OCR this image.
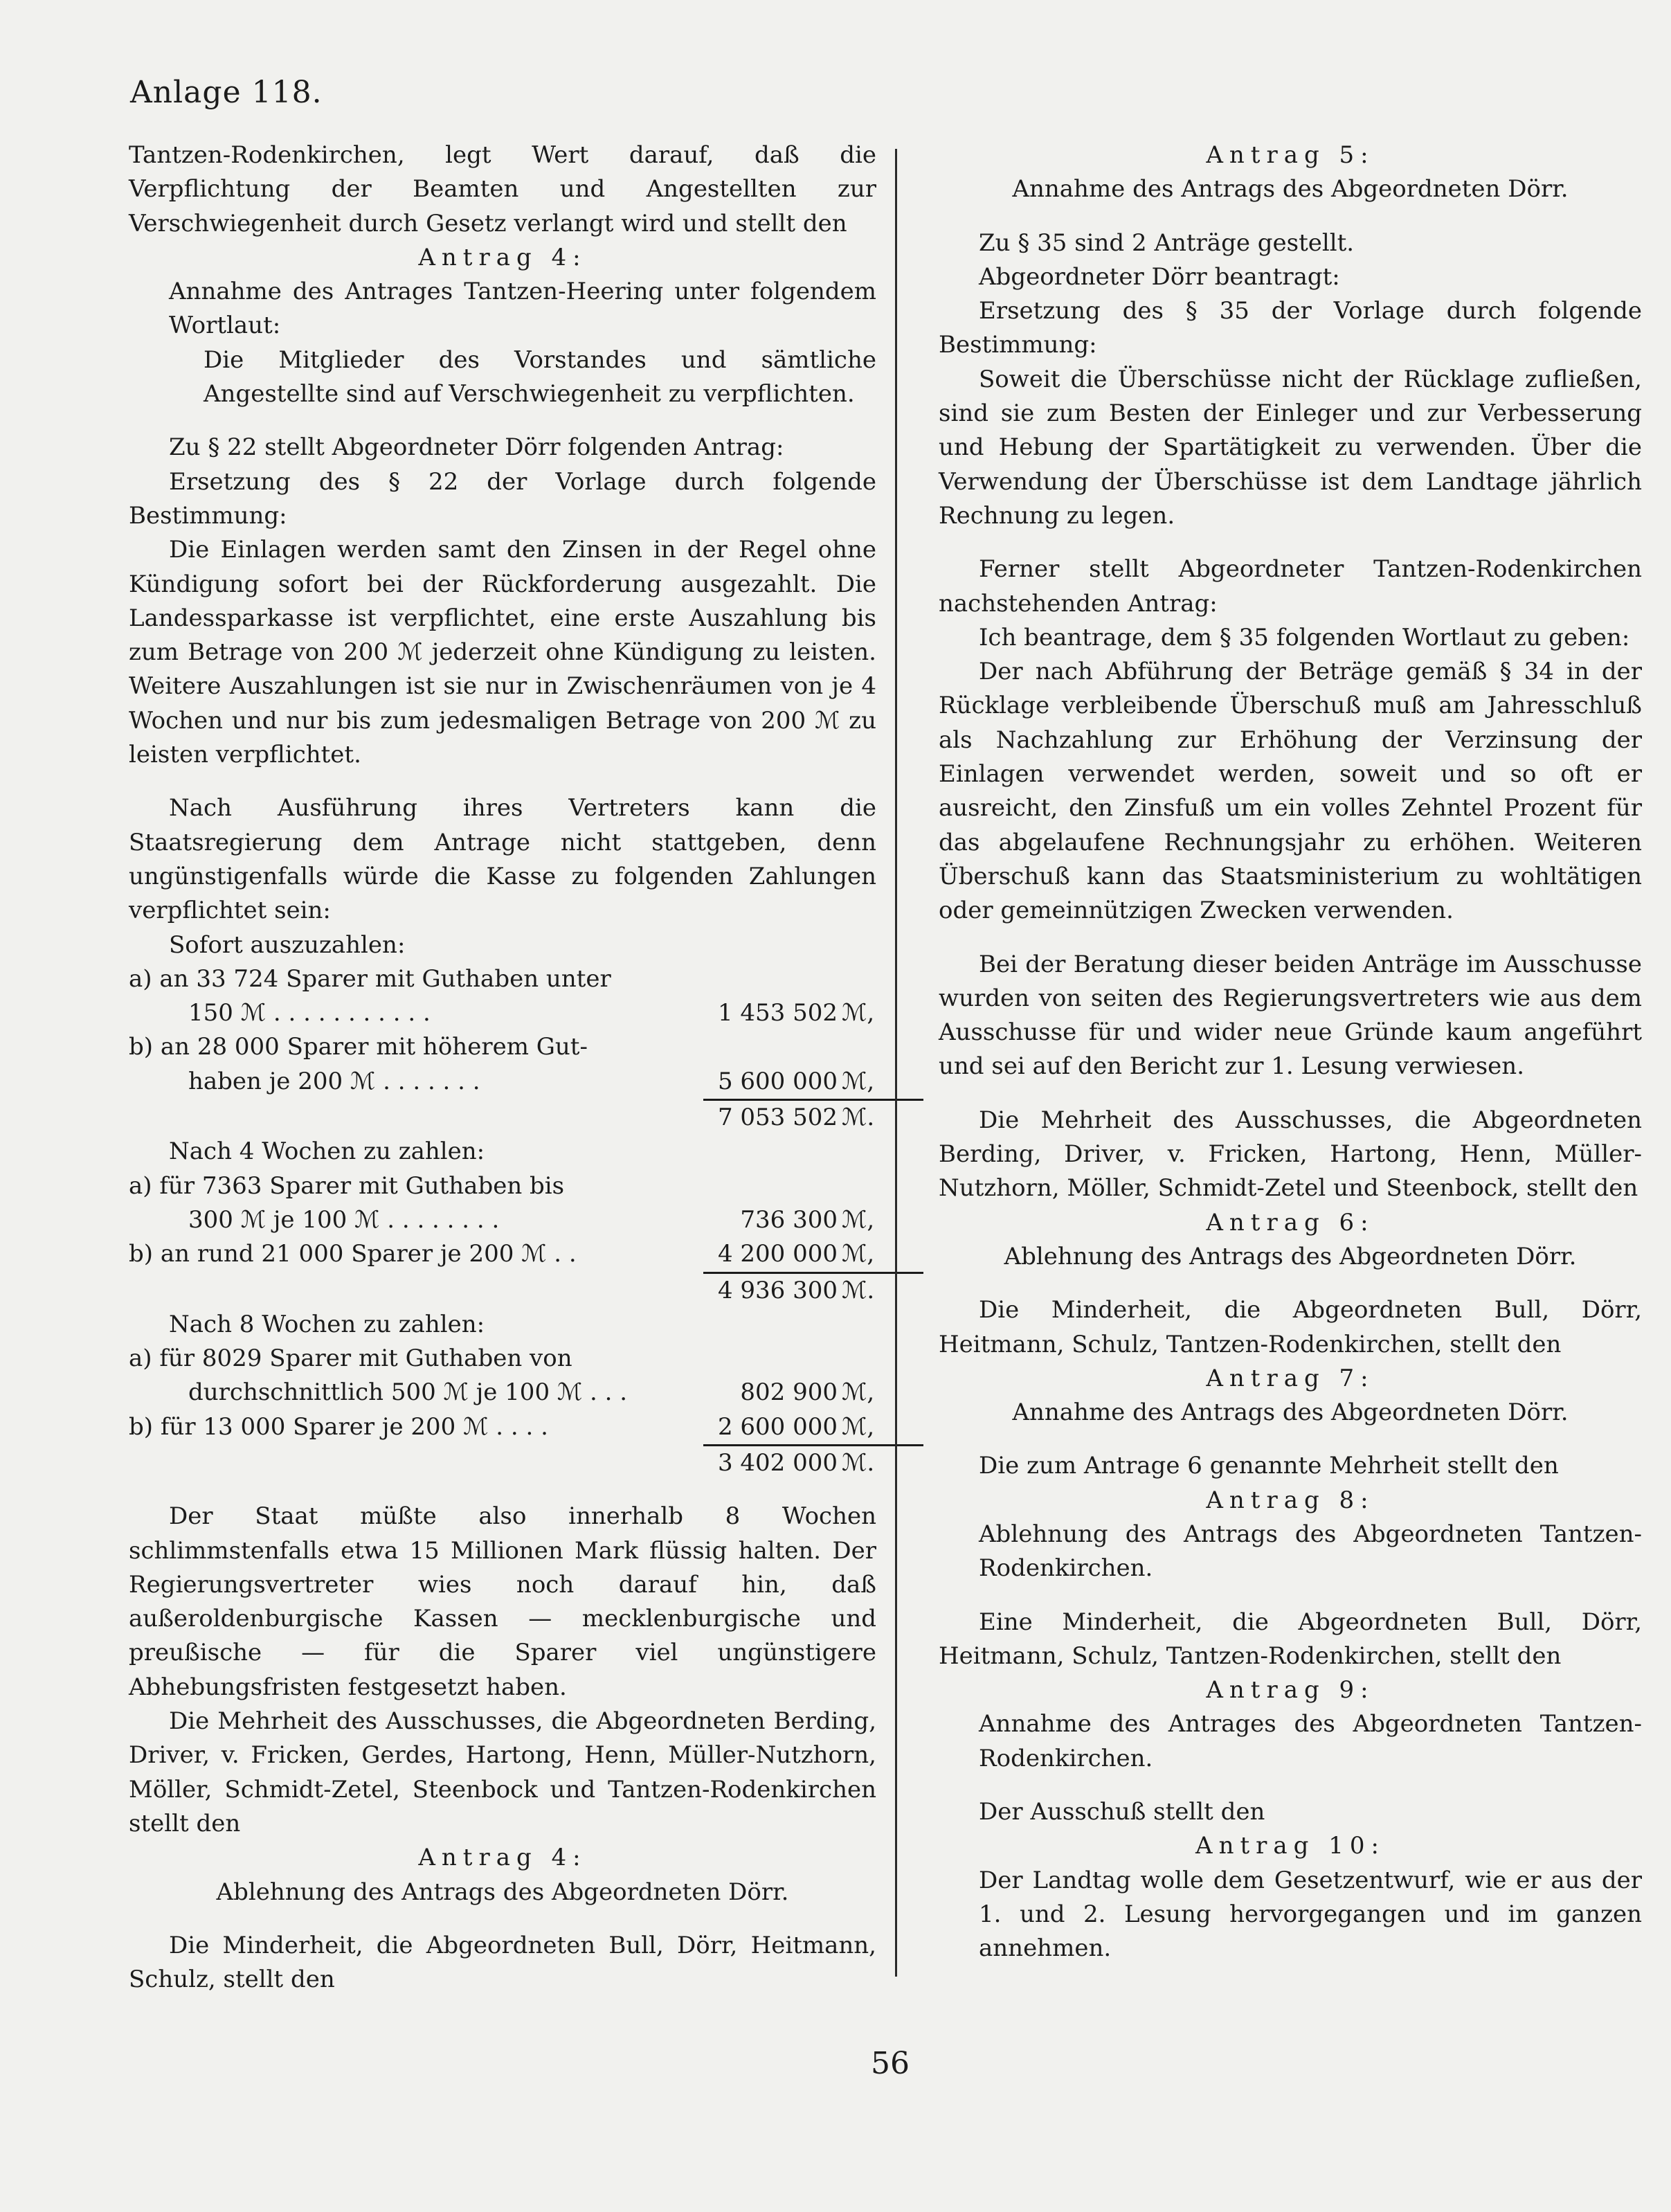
Anlage 118.

Tantzen-Rodenkirchen, legt Wert darauf, daß die Verpflichtung der Beamten und Angestellten zur Verschwiegenheit durch Gesetz verlangt wird und stellt den

Antrag 4:

Annahme des Antrages Tantzen-Heering unter folgendem Wortlaut:

Die Mitglieder des Vorstandes und sämtliche Angestellte sind auf Verschwiegenheit zu verpflichten.

Zu § 22 stellt Abgeordneter Dörr folgenden Antrag:

Ersetzung des § 22 der Vorlage durch folgende Bestimmung:

Die Einlagen werden samt den Zinsen in der Regel ohne Kündigung sofort bei der Rückforderung ausgezahlt. Die Landessparkasse ist verpflichtet, eine erste Auszahlung bis zum Betrage von 200 ℳ jederzeit ohne Kündigung zu leisten. Weitere Auszahlungen ist sie nur in Zwischenräumen von je 4 Wochen und nur bis zum jedesmaligen Betrage von 200 ℳ zu leisten verpflichtet.

Nach Ausführung ihres Vertreters kann die Staatsregierung dem Antrage nicht stattgeben, denn ungünstigenfalls würde die Kasse zu folgenden Zahlungen verpflichtet sein:

Sofort auszuzahlen:

a) an 33 724 Sparer mit Guthaben unter

150 ℳ . . . . . . . . . . .	1 453 502 ℳ,

b) an 28 000 Sparer mit höherem Gut-

haben je 200 ℳ . . . . . . .	5 600 000 ℳ,
7 053 502 ℳ.

Nach 4 Wochen zu zahlen:

a) für 7363 Sparer mit Guthaben bis

300 ℳ je 100 ℳ . . . . . . . .	736 300 ℳ,
b) an rund 21 000 Sparer je 200 ℳ . .	4 200 000 ℳ,
4 936 300 ℳ.

Nach 8 Wochen zu zahlen:

a) für 8029 Sparer mit Guthaben von

durchschnittlich 500 ℳ je 100 ℳ . . .	802 900 ℳ,
b) für 13 000 Sparer je 200 ℳ . . . .	2 600 000 ℳ,
3 402 000 ℳ.

Der Staat müßte also innerhalb 8 Wochen schlimmstenfalls etwa 15 Millionen Mark flüssig halten. Der Regierungsvertreter wies noch darauf hin, daß außeroldenburgische Kassen — mecklenburgische und preußische — für die Sparer viel ungünstigere Abhebungsfristen festgesetzt haben.

Die Mehrheit des Ausschusses, die Abgeordneten Berding, Driver, v. Fricken, Gerdes, Hartong, Henn, Müller-Nutzhorn, Möller, Schmidt-Zetel, Steenbock und Tantzen-Rodenkirchen stellt den

Antrag 4:

Ablehnung des Antrags des Abgeordneten Dörr.

Die Minderheit, die Abgeordneten Bull, Dörr, Heitmann, Schulz, stellt den

Antrag 5:

Annahme des Antrags des Abgeordneten Dörr.

Zu § 35 sind 2 Anträge gestellt.

Abgeordneter Dörr beantragt:

Ersetzung des § 35 der Vorlage durch folgende Bestimmung:

Soweit die Überschüsse nicht der Rücklage zufließen, sind sie zum Besten der Einleger und zur Verbesserung und Hebung der Spartätigkeit zu verwenden. Über die Verwendung der Überschüsse ist dem Landtage jährlich Rechnung zu legen.

Ferner stellt Abgeordneter Tantzen-Rodenkirchen nachstehenden Antrag:

Ich beantrage, dem § 35 folgenden Wortlaut zu geben:

Der nach Abführung der Beträge gemäß § 34 in der Rücklage verbleibende Überschuß muß am Jahresschluß als Nachzahlung zur Erhöhung der Verzinsung der Einlagen verwendet werden, soweit und so oft er ausreicht, den Zinsfuß um ein volles Zehntel Prozent für das abgelaufene Rechnungsjahr zu erhöhen. Weiteren Überschuß kann das Staatsministerium zu wohltätigen oder gemeinnützigen Zwecken verwenden.

Bei der Beratung dieser beiden Anträge im Ausschusse wurden von seiten des Regierungsvertreters wie aus dem Ausschusse für und wider neue Gründe kaum angeführt und sei auf den Bericht zur 1. Lesung verwiesen.

Die Mehrheit des Ausschusses, die Abgeordneten Berding, Driver, v. Fricken, Hartong, Henn, Müller-Nutzhorn, Möller, Schmidt-Zetel und Steenbock, stellt den

Antrag 6:

Ablehnung des Antrags des Abgeordneten Dörr.

Die Minderheit, die Abgeordneten Bull, Dörr, Heitmann, Schulz, Tantzen-Rodenkirchen, stellt den

Antrag 7:

Annahme des Antrags des Abgeordneten Dörr.

Die zum Antrage 6 genannte Mehrheit stellt den

Antrag 8:

Ablehnung des Antrags des Abgeordneten Tantzen-Rodenkirchen.

Eine Minderheit, die Abgeordneten Bull, Dörr, Heitmann, Schulz, Tantzen-Rodenkirchen, stellt den

Antrag 9:

Annahme des Antrages des Abgeordneten Tantzen-Rodenkirchen.

Der Ausschuß stellt den

Antrag 10:

Der Landtag wolle dem Gesetzentwurf, wie er aus der 1. und 2. Lesung hervorgegangen und im ganzen annehmen.

56
